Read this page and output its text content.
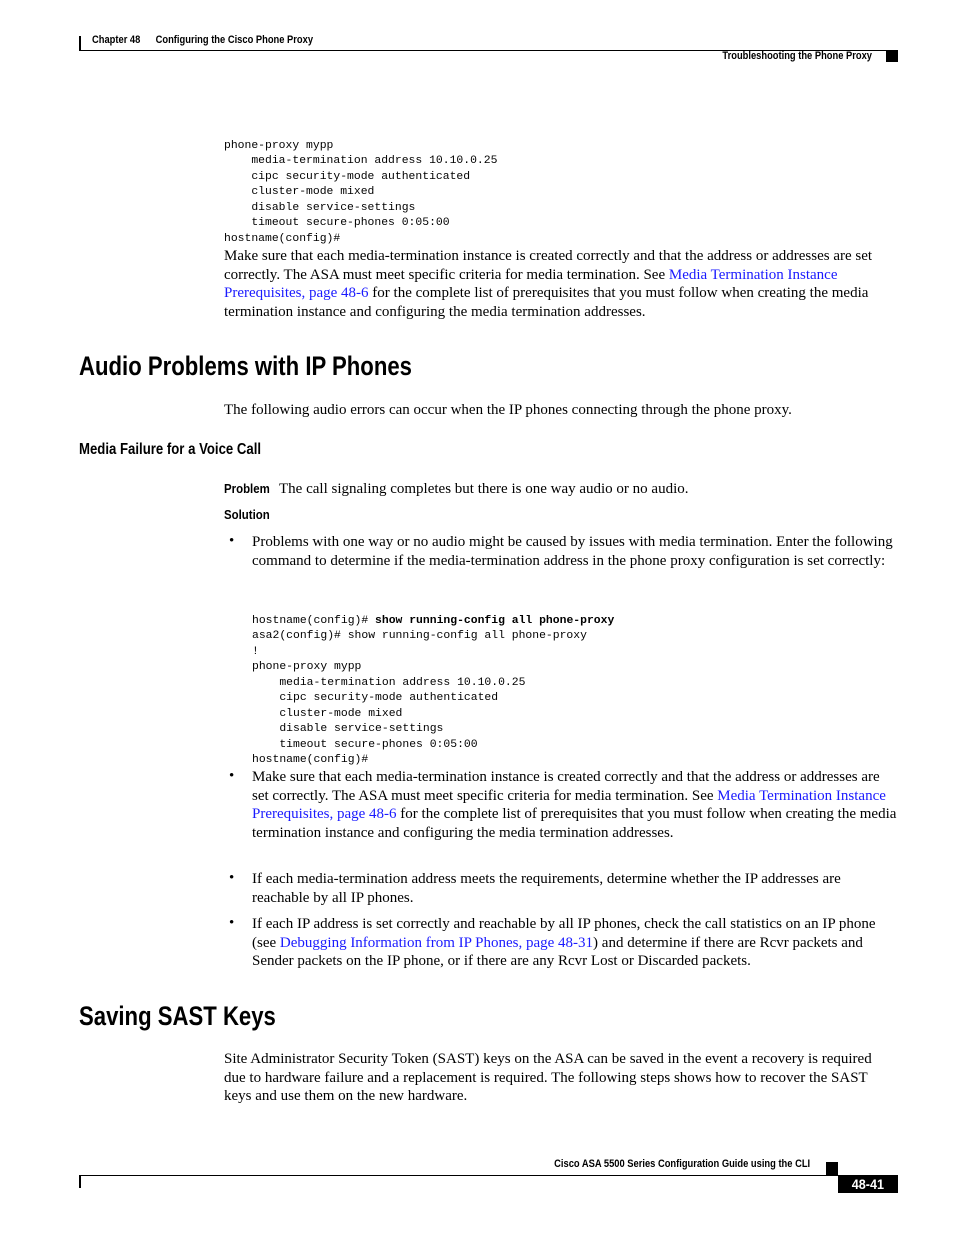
Chapter 48 Configuring the Cisco Phone Proxy
Troubleshooting the Phone Proxy

phone-proxy mypp
media-termination address 10.10.0.25
cipc security-mode authenticated
cluster-mode mixed
disable service-settings
timeout secure-phones 0:05:00
hostname(config)#
Make sure that each media-termination instance is created correctly and that the address or addresses are set correctly. The ASA must meet specific criteria for media termination. See Media Termination Instance Prerequisites, page 48-6 for the complete list of prerequisites that you must follow when creating the media termination instance and configuring the media termination addresses.
Audio Problems with IP Phones
The following audio errors can occur when the IP phones connecting through the phone proxy.
Media Failure for a Voice Call
Problem The call signaling completes but there is one way audio or no audio.
Solution
• Problems with one way or no audio might be caused by issues with media termination. Enter the following command to determine if the media-termination address in the phone proxy configuration is set correctly:

hostname(config)# show running-config all phone-proxy
asa2(config)# show running-config all phone-proxy
!
phone-proxy mypp
media-termination address 10.10.0.25
cipc security-mode authenticated
cluster-mode mixed
disable service-settings
timeout secure-phones 0:05:00
hostname(config)#
• Make sure that each media-termination instance is created correctly and that the address or addresses are set correctly. The ASA must meet specific criteria for media termination. See Media Termination Instance Prerequisites, page 48-6 for the complete list of prerequisites that you must follow when creating the media termination instance and configuring the media termination addresses.
• If each media-termination address meets the requirements, determine whether the IP addresses are reachable by all IP phones.
• If each IP address is set correctly and reachable by all IP phones, check the call statistics on an IP phone (see Debugging Information from IP Phones, page 48-31) and determine if there are Rcvr packets and Sender packets on the IP phone, or if there are any Rcvr Lost or Discarded packets.
Saving SAST Keys
Site Administrator Security Token (SAST) keys on the ASA can be saved in the event a recovery is required due to hardware failure and a replacement is required. The following steps shows how to recover the SAST keys and use them on the new hardware.
Cisco ASA 5500 Series Configuration Guide using the CLI
48-41
